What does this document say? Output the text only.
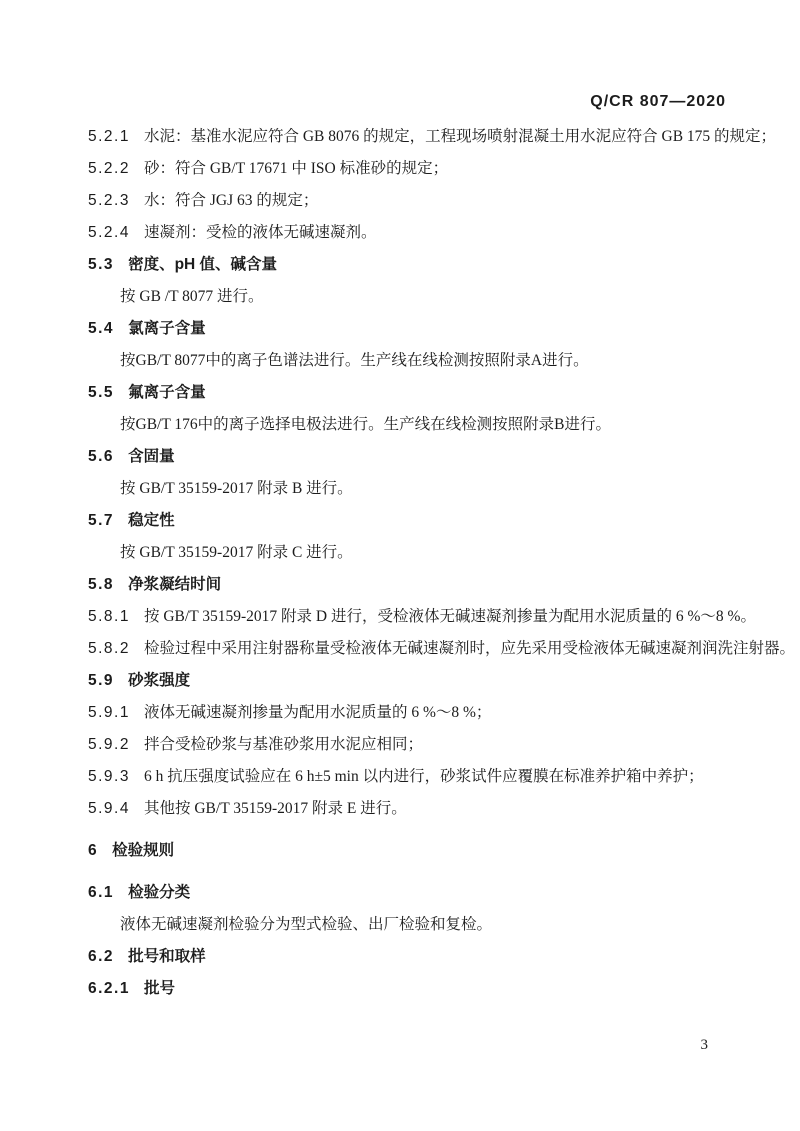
Q/CR 807—2020
5.2.1 水泥：基准水泥应符合 GB 8076 的规定，工程现场喷射混凝土用水泥应符合 GB 175 的规定；
5.2.2 砂：符合 GB/T 17671 中 ISO 标准砂的规定；
5.2.3 水：符合 JGJ 63 的规定；
5.2.4 速凝剂：受检的液体无碱速凝剂。
5.3 密度、pH 值、碱含量
按 GB /T 8077 进行。
5.4 氯离子含量
按GB/T 8077中的离子色谱法进行。生产线在线检测按照附录A进行。
5.5 氟离子含量
按GB/T 176中的离子选择电极法进行。生产线在线检测按照附录B进行。
5.6 含固量
按 GB/T 35159-2017 附录 B 进行。
5.7 稳定性
按 GB/T 35159-2017 附录 C 进行。
5.8 净浆凝结时间
5.8.1 按 GB/T 35159-2017 附录 D 进行，受检液体无碱速凝剂掺量为配用水泥质量的 6 %～8 %。
5.8.2 检验过程中采用注射器称量受检液体无碱速凝剂时，应先采用受检液体无碱速凝剂润洗注射器。
5.9 砂浆强度
5.9.1 液体无碱速凝剂掺量为配用水泥质量的 6 %～8 %；
5.9.2 拌合受检砂浆与基准砂浆用水泥应相同；
5.9.3 6 h 抗压强度试验应在 6 h±5 min 以内进行，砂浆试件应覆膜在标准养护箱中养护；
5.9.4 其他按 GB/T 35159-2017 附录 E 进行。
6 检验规则
6.1 检验分类
液体无碱速凝剂检验分为型式检验、出厂检验和复检。
6.2 批号和取样
6.2.1 批号
3
